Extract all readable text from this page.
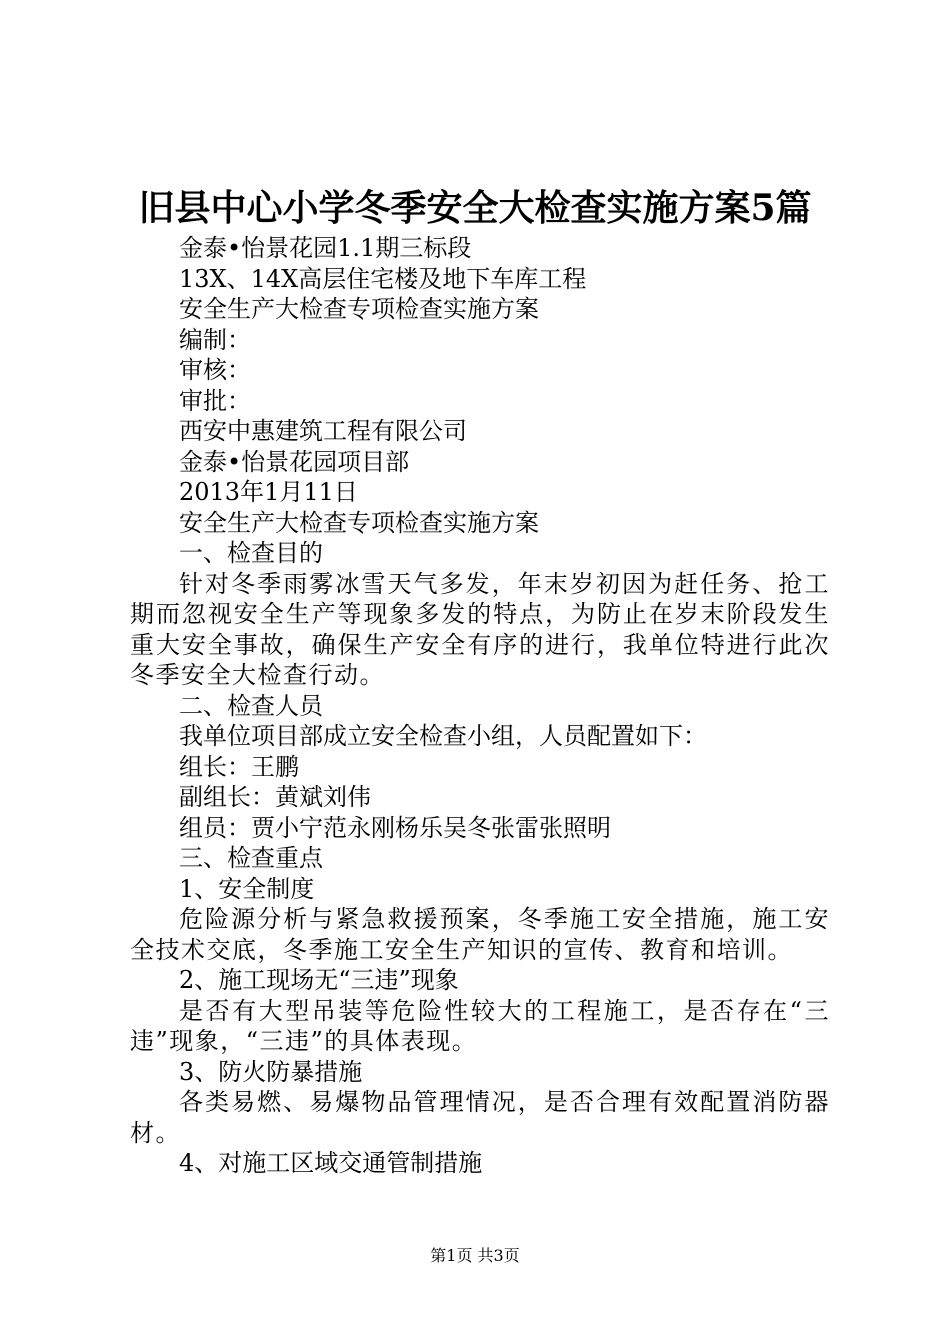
旧县中心小学冬季安全大检查实施方案5篇
金泰•怡景花园1.1期三标段
13X、14X高层住宅楼及地下车库工程
安全生产大检查专项检查实施方案
编制：
审核：
审批：
西安中惠建筑工程有限公司
金泰•怡景花园项目部
2013年1月11日
安全生产大检查专项检查实施方案
一、检查目的
针对冬季雨雾冰雪天气多发，年末岁初因为赶任务、抢工期而忽视安全生产等现象多发的特点，为防止在岁末阶段发生重大安全事故，确保生产安全有序的进行，我单位特进行此次冬季安全大检查行动。
二、检查人员
我单位项目部成立安全检查小组，人员配置如下：
组长：王鹏
副组长：黄斌刘伟
组员：贾小宁范永刚杨乐吴冬张雷张照明
三、检查重点
1、安全制度
危险源分析与紧急救援预案，冬季施工安全措施，施工安全技术交底，冬季施工安全生产知识的宣传、教育和培训。
2、施工现场无“三违”现象
是否有大型吊装等危险性较大的工程施工，是否存在“三违”现象，“三违”的具体表现。
3、防火防暴措施
各类易燃、易爆物品管理情况，是否合理有效配置消防器材。
4、对施工区域交通管制措施
第1页 共3页
